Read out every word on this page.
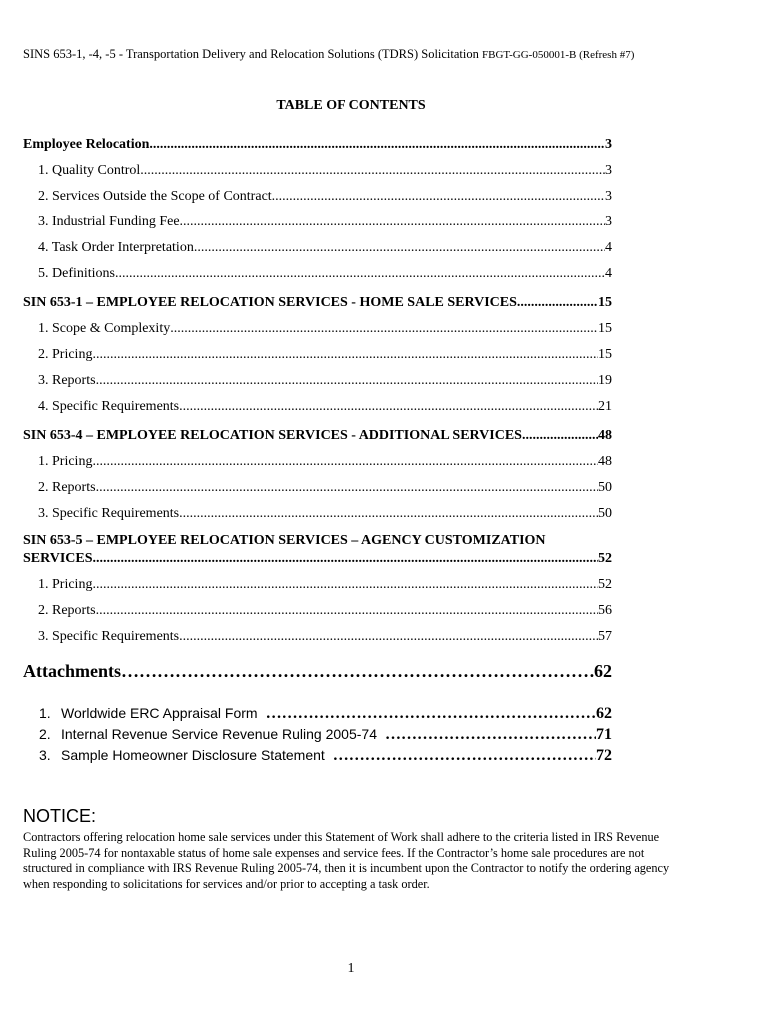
SINS 653-1, -4, -5 - Transportation Delivery and Relocation Solutions (TDRS) Solicitation FBGT-GG-050001-B (Refresh #7)
TABLE OF CONTENTS
Employee Relocation .....	3
1. Quality Control .....	3
2. Services Outside the Scope of Contract .....	3
3. Industrial Funding Fee .....	3
4. Task Order Interpretation .....	4
5. Definitions .....	4
SIN 653-1 – EMPLOYEE RELOCATION SERVICES - HOME SALE SERVICES .....	15
1. Scope & Complexity .....	15
2. Pricing .....	15
3. Reports .....	19
4. Specific Requirements .....	21
SIN 653-4 – EMPLOYEE RELOCATION SERVICES - ADDITIONAL SERVICES .....	48
1. Pricing .....	48
2. Reports .....	50
3. Specific Requirements .....	50
SIN 653-5 – EMPLOYEE RELOCATION SERVICES – AGENCY CUSTOMIZATION
SERVICES .....	52
1. Pricing .....	52
2. Reports .....	56
3. Specific Requirements .....	57
Attachments …………………………………………………………………………………………………………………………………………………………	62
1. Worldwide ERC Appraisal Form …………………………………………………………………………………………………………………………………………………………	62
2. Internal Revenue Service Revenue Ruling 2005-74 …………………………………………………………………………………………………………………………………………………………	71
3. Sample Homeowner Disclosure Statement …………………………………………………………………………………………………………………………………………………………	72
NOTICE:
Contractors offering relocation home sale services under this Statement of Work shall adhere to the criteria listed in IRS Revenue Ruling 2005-74 for nontaxable status of home sale expenses and service fees. If the Contractor’s home sale procedures are not structured in compliance with IRS Revenue Ruling 2005-74, then it is incumbent upon the Contractor to notify the ordering agency when responding to solicitations for services and/or prior to accepting a task order.
1
